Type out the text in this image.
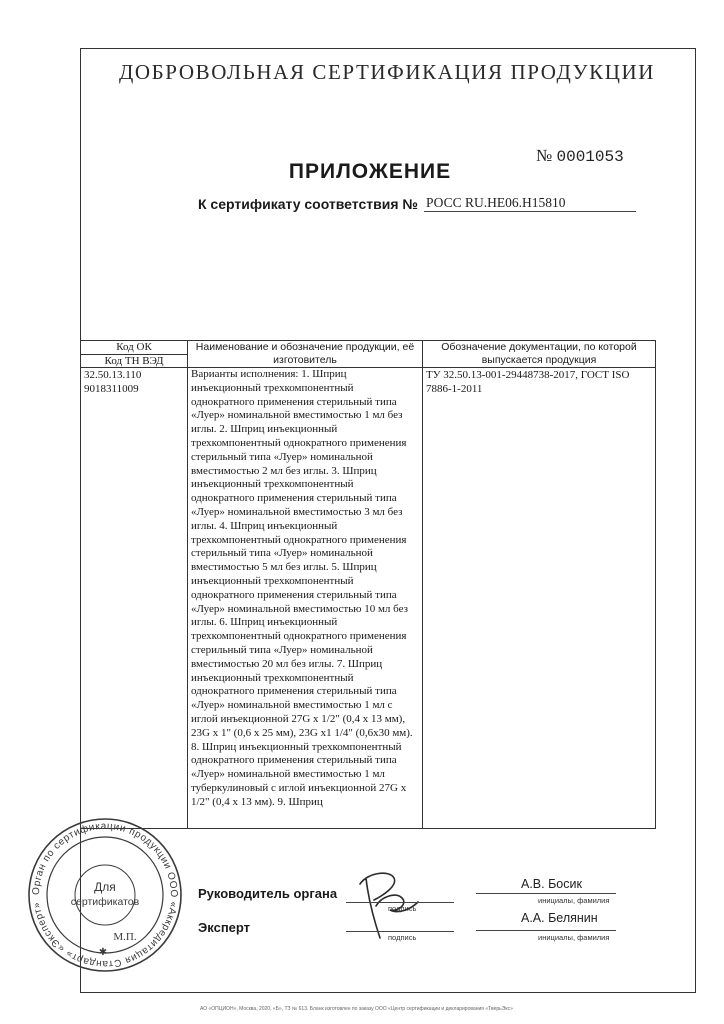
ДОБРОВОЛЬНАЯ СЕРТИФИКАЦИЯ ПРОДУКЦИИ
№ 0001053
ПРИЛОЖЕНИЕ
К сертификату соответствия № РОСС RU.НЕ06.Н15810
Код ОК	Наименование и обозначение продукции, её изготовитель	Обозначение документации, по которой выпускается продукция
Код ТН ВЭД		

32.50.13.110
9018311009	Варианты исполнения: 1. Шприц инъекционный трехкомпонентный однократного применения стерильный типа «Луер» номинальной вместимостью 1 мл без иглы. 2. Шприц инъекционный трехкомпонентный однократного применения стерильный типа «Луер» номинальной вместимостью 2 мл без иглы. 3. Шприц инъекционный трехкомпонентный однократного применения стерильный типа «Луер» номинальной вместимостью 3 мл без иглы. 4. Шприц инъекционный трехкомпонентный однократного применения стерильный типа «Луер» номинальной вместимостью 5 мл без иглы. 5. Шприц инъекционный трехкомпонентный однократного применения стерильный типа «Луер» номинальной вместимостью 10 мл без иглы. 6. Шприц инъекционный трехкомпонентный однократного применения стерильный типа «Луер» номинальной вместимостью 20 мл без иглы. 7. Шприц инъекционный трехкомпонентный однократного применения стерильный типа «Луер» номинальной вместимостью 1 мл с иглой инъекционной 27G x 1/2" (0,4 x 13 мм), 23G x 1" (0,6 x 25 мм), 23G x1 1/4" (0,6x30 мм). 8. Шприц инъекционный трехкомпонентный однократного применения стерильный типа «Луер» номинальной вместимостью 1 мл туберкулиновый с иглой инъекционной 27G x 1/2" (0,4 x 13 мм). 9. Шприц	ТУ 32.50.13-001-29448738-2017, ГОСТ ISO 7886-1-2011
Орган по сертификации продукции ООО «Аккредитация Стандарт» «Эксперт»
Для
сертификатов
М.П.
✱
Руководитель органа
подпись
А.В. Босик
инициалы, фамилия
Эксперт
подпись
А.А. Белянин
инициалы, фамилия
АО «ОПЦИОН», Москва, 2020, «Б», ТЗ № 613. Бланк изготовлен по заказу ООО «Центр сертификации и декларирования «ТверьЭкс»
